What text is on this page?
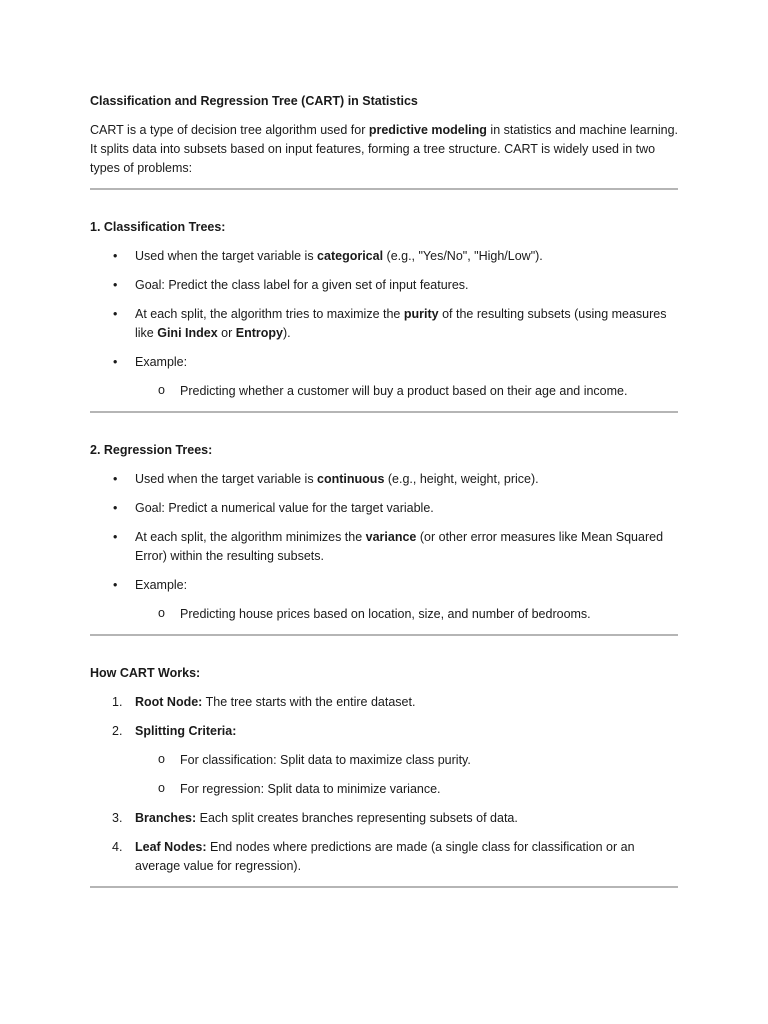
Classification and Regression Tree (CART) in Statistics

CART is a type of decision tree algorithm used for predictive modeling in statistics and machine learning. It splits data into subsets based on input features, forming a tree structure. CART is widely used in two types of problems:

1. Classification Trees:

• Used when the target variable is categorical (e.g., "Yes/No", "High/Low").
• Goal: Predict the class label for a given set of input features.
• At each split, the algorithm tries to maximize the purity of the resulting subsets (using measures like Gini Index or Entropy).
• Example:
o Predicting whether a customer will buy a product based on their age and income.

2. Regression Trees:

• Used when the target variable is continuous (e.g., height, weight, price).
• Goal: Predict a numerical value for the target variable.
• At each split, the algorithm minimizes the variance (or other error measures like Mean Squared Error) within the resulting subsets.
• Example:
o Predicting house prices based on location, size, and number of bedrooms.

How CART Works:

1. Root Node: The tree starts with the entire dataset.
2. Splitting Criteria:
o For classification: Split data to maximize class purity.
o For regression: Split data to minimize variance.
3. Branches: Each split creates branches representing subsets of data.
4. Leaf Nodes: End nodes where predictions are made (a single class for classification or an average value for regression).
